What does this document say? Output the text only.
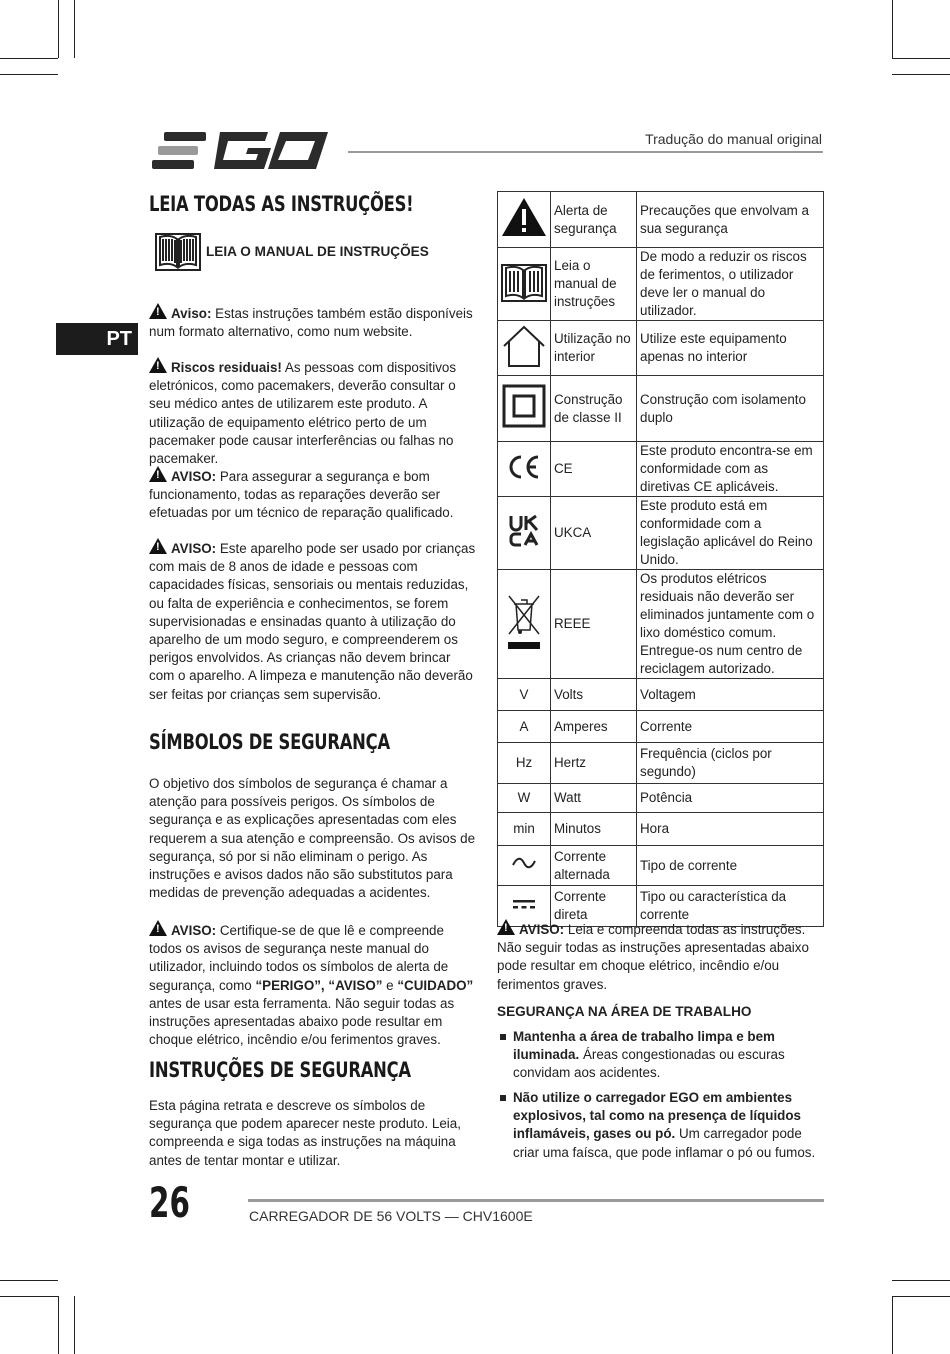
Tradução do manual original
PT
LEIA TODAS AS INSTRUÇÕES!
LEIA O MANUAL DE INSTRUÇÕES
!Aviso: Estas instruções também estão disponíveis num formato alternativo, como num website.
!Riscos residuais! As pessoas com dispositivos eletrónicos, como pacemakers, deverão consultar o seu médico antes de utilizarem este produto. A utilização de equipamento elétrico perto de um pacemaker pode causar interferências ou falhas no pacemaker.
!AVISO: Para assegurar a segurança e bom funcionamento, todas as reparações deverão ser efetuadas por um técnico de reparação qualificado.
!AVISO: Este aparelho pode ser usado por crianças com mais de 8 anos de idade e pessoas com capacidades físicas, sensoriais ou mentais reduzidas, ou falta de experiência e conhecimentos, se forem supervisionadas e ensinadas quanto à utilização do aparelho de um modo seguro, e compreenderem os perigos envolvidos. As crianças não devem brincar com o aparelho. A limpeza e manutenção não deverão ser feitas por crianças sem supervisão.
SÍMBOLOS DE SEGURANÇA
O objetivo dos símbolos de segurança é chamar a atenção para possíveis perigos. Os símbolos de segurança e as explicações apresentadas com eles requerem a sua atenção e compreensão. Os avisos de segurança, só por si não eliminam o perigo. As instruções e avisos dados não são substitutos para medidas de prevenção adequadas a acidentes.
!AVISO: Certifique-se de que lê e compreende todos os avisos de segurança neste manual do utilizador, incluindo todos os símbolos de alerta de segurança, como “PERIGO”, “AVISO” e “CUIDADO” antes de usar esta ferramenta. Não seguir todas as instruções apresentadas abaixo pode resultar em choque elétrico, incêndio e/ou ferimentos graves.
INSTRUÇÕES DE SEGURANÇA
Esta página retrata e descreve os símbolos de segurança que podem aparecer neste produto. Leia, compreenda e siga todas as instruções na máquina antes de tentar montar e utilizar.
	Alerta de segurança	Precauções que envolvam a sua segurança
	Leia o manual de instruções	De modo a reduzir os riscos de ferimentos, o utilizador deve ler o manual do utilizador.
	Utilização no interior	Utilize este equipamento apenas no interior
	Construção de classe II	Construção com isolamento duplo
	CE	Este produto encontra-se em conformidade com as diretivas CE aplicáveis.
	UKCA	Este produto está em conformidade com a legislação aplicável do Reino Unido.
	REEE	Os produtos elétricos residuais não deverão ser eliminados juntamente com o lixo doméstico comum. Entregue-os num centro de reciclagem autorizado.
V	Volts	Voltagem
A	Amperes	Corrente
Hz	Hertz	Frequência (ciclos por segundo)
W	Watt	Potência
min	Minutos	Hora
	Corrente alternada	Tipo de corrente
	Corrente direta	Tipo ou característica da corrente
!AVISO: Leia e compreenda todas as instruções. Não seguir todas as instruções apresentadas abaixo pode resultar em choque elétrico, incêndio e/ou ferimentos graves.
SEGURANÇA NA ÁREA DE TRABALHO
Mantenha a área de trabalho limpa e bem iluminada. Áreas congestionadas ou escuras convidam aos acidentes.
Não utilize o carregador EGO em ambientes explosivos, tal como na presença de líquidos inflamáveis, gases ou pó. Um carregador pode criar uma faísca, que pode inflamar o pó ou fumos.
26	CARREGADOR DE 56 VOLTS — CHV1600E
